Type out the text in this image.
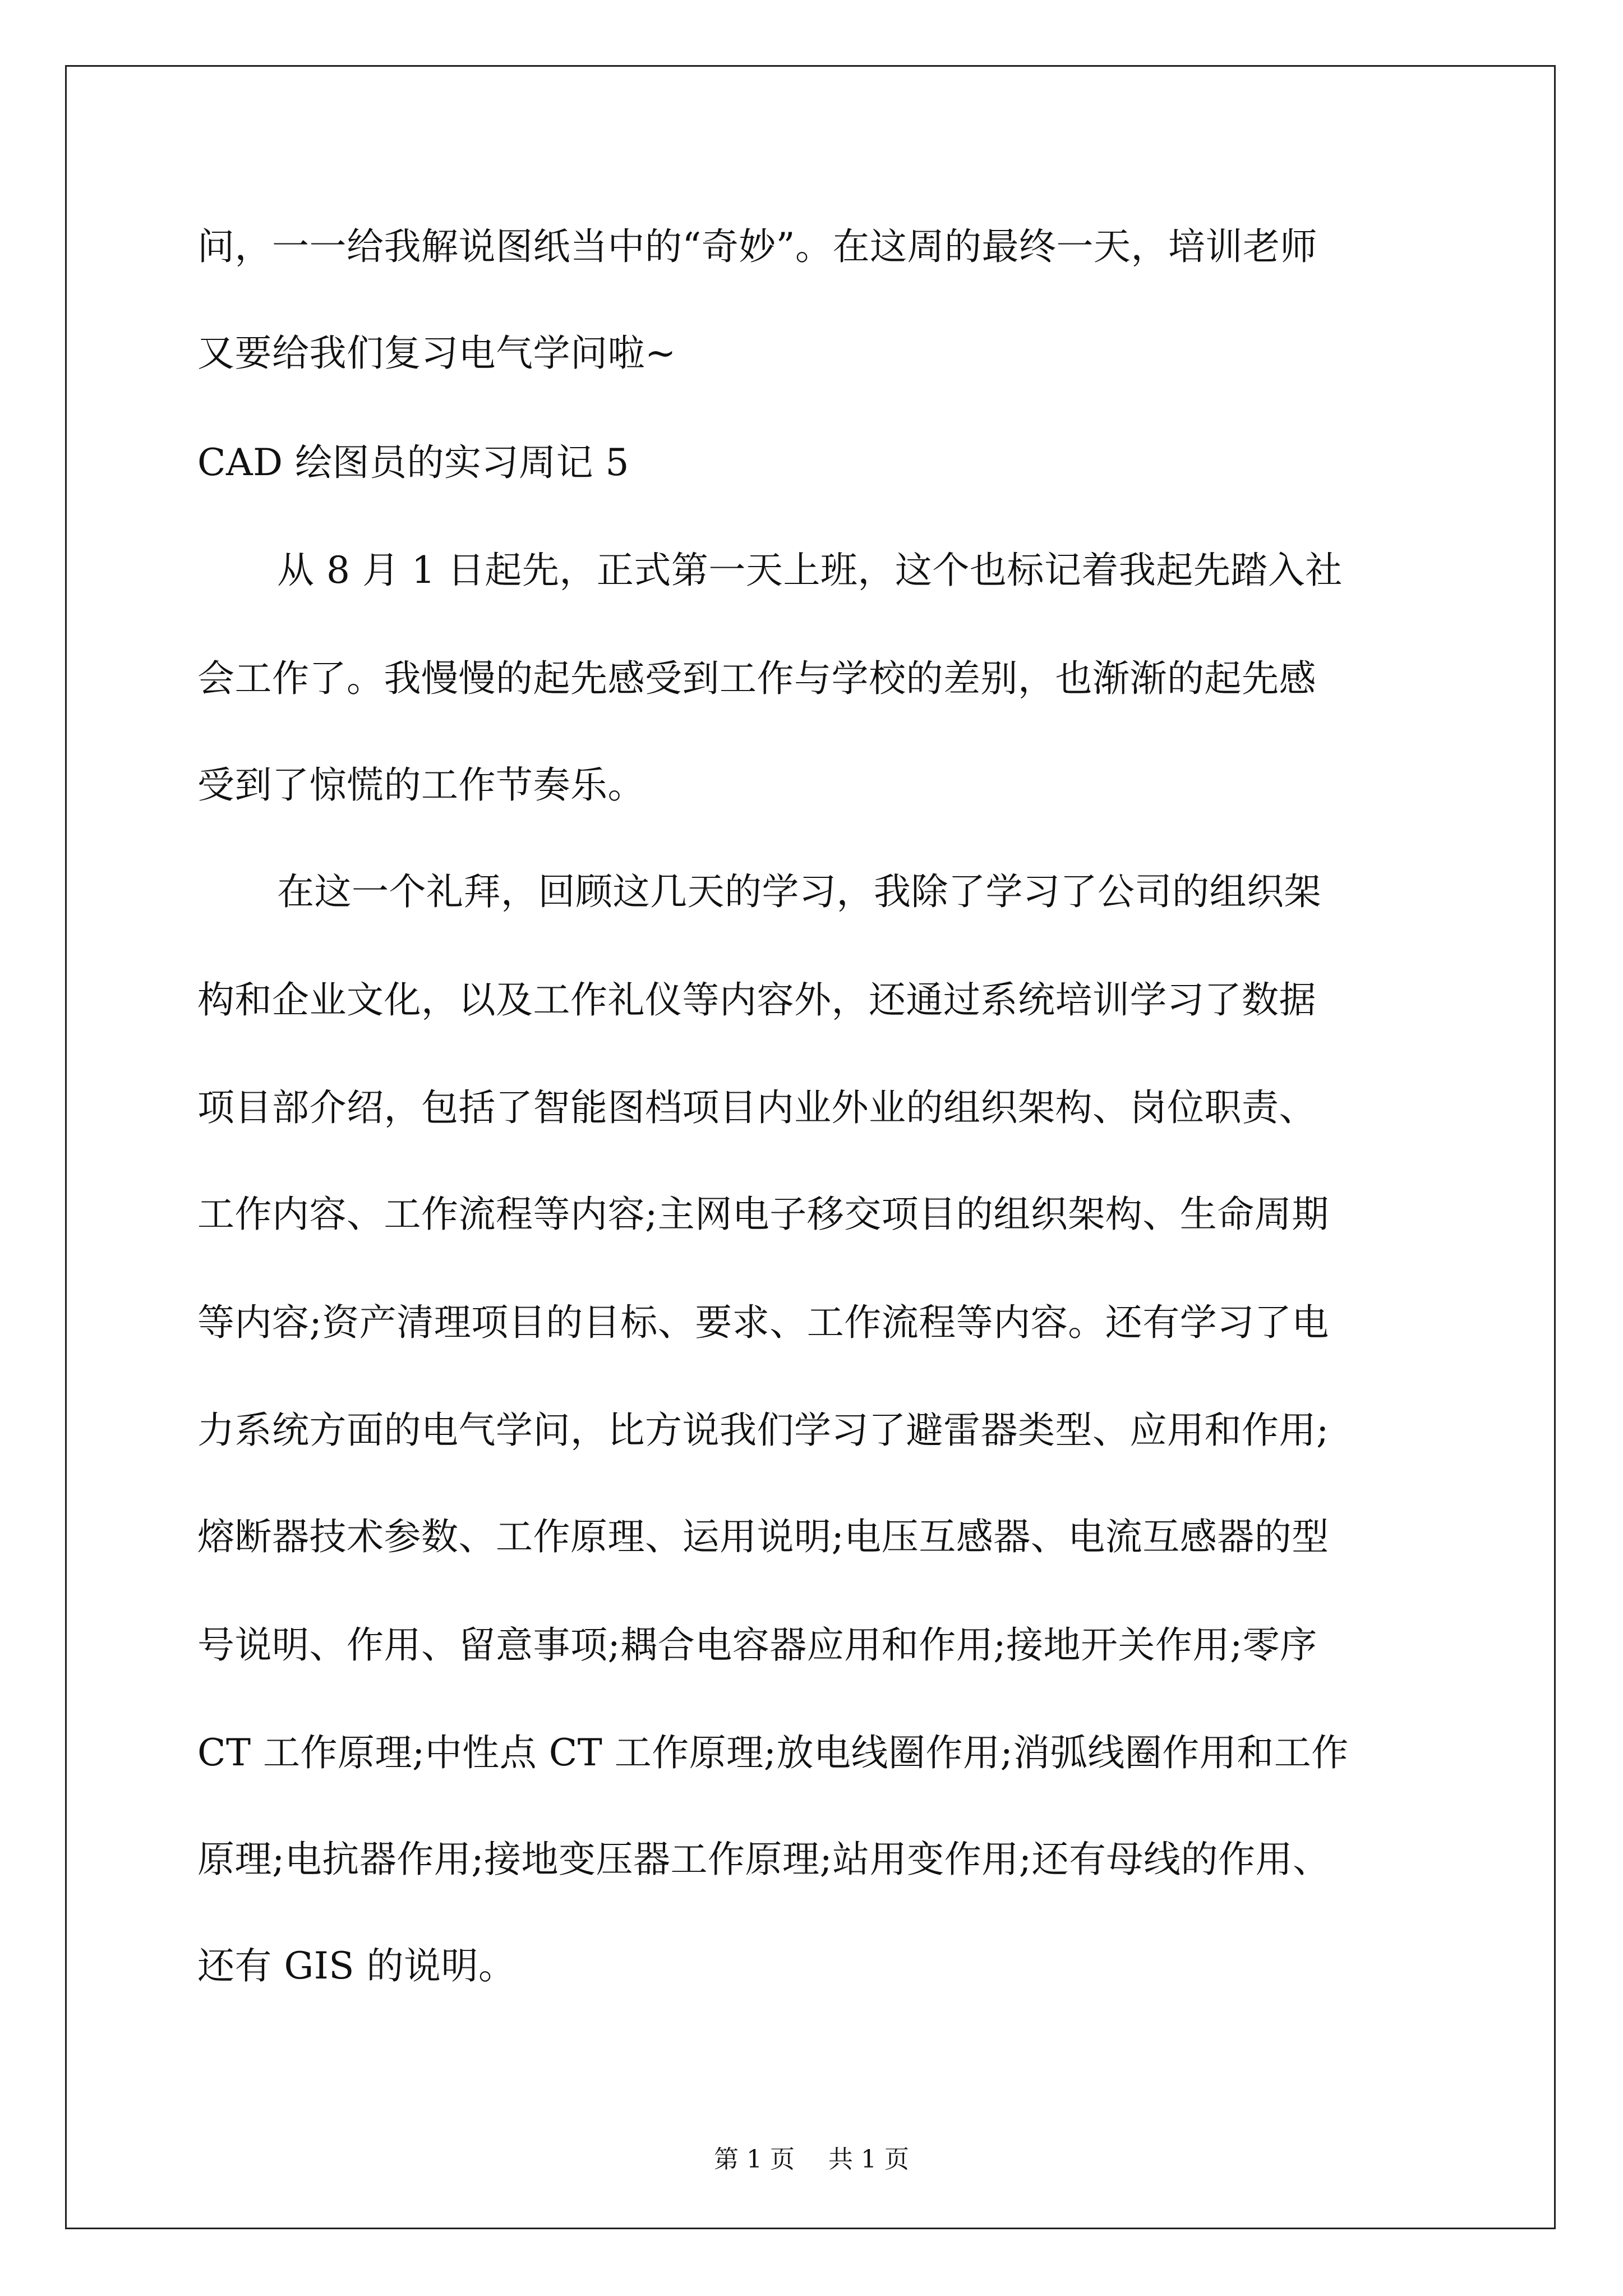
问，一一给我解说图纸当中的“奇妙”。在这周的最终一天，培训老师
又要给我们复习电气学问啦~
CAD 绘图员的实习周记 5
从 8 月 1 日起先，正式第一天上班，这个也标记着我起先踏入社
会工作了。我慢慢的起先感受到工作与学校的差别，也渐渐的起先感
受到了惊慌的工作节奏乐。
在这一个礼拜，回顾这几天的学习，我除了学习了公司的组织架
构和企业文化，以及工作礼仪等内容外，还通过系统培训学习了数据
项目部介绍，包括了智能图档项目内业外业的组织架构、岗位职责、
工作内容、工作流程等内容;主网电子移交项目的组织架构、生命周期
等内容;资产清理项目的目标、要求、工作流程等内容。还有学习了电
力系统方面的电气学问，比方说我们学习了避雷器类型、应用和作用;
熔断器技术参数、工作原理、运用说明;电压互感器、电流互感器的型
号说明、作用、留意事项;耦合电容器应用和作用;接地开关作用;零序
CT 工作原理;中性点 CT 工作原理;放电线圈作用;消弧线圈作用和工作
原理;电抗器作用;接地变压器工作原理;站用变作用;还有母线的作用、
还有 GIS 的说明。
第 1 页 共 1 页
